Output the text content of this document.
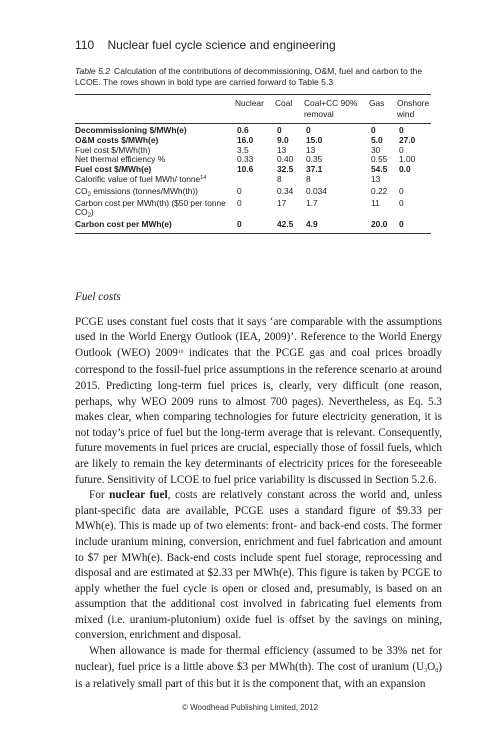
110 Nuclear fuel cycle science and engineering
Table 5.2 Calculation of the contributions of decommissioning, O&M, fuel and carbon to the LCOE. The rows shown in bold type are carried forward to Table 5.3
	Nuclear	Coal	Coal+CC 90% removal	Gas	Onshore wind
Decommissioning $/MWh(e)	0.6	0	0	0	0
O&M costs $/MWh(e)	16.0	9.0	15.0	5.0	27.0
Fuel cost $/MWh(th)	3.5	13	13	30	0
Net thermal efficiency %	0.33	0.40	0.35	0.55	1.00
Fuel cost $/MWh(e)	10.6	32.5	37.1	54.5	0.0
Calorific value of fuel MWh/ tonne$^{14}$		8	8	13	
$CO_2$ emissions (tonnes/MWh(th))	0	0.34	0.034	0.22	0
Carbon cost per MWh(th) ($50 per tonne $CO_2$)	0	17	1.7	11	0
Carbon cost per MWh(e)	0	42.5	4.9	20.0	0
Fuel costs

PCGE uses constant fuel costs that it says ‘are comparable with the assumptions used in the World Energy Outlook (IEA, 2009)’. Reference to the World Energy Outlook (WEO) 2009$^{10}$ indicates that the PCGE gas and coal prices broadly correspond to the fossil-fuel price assumptions in the reference scenario at around 2015. Predicting long-term fuel prices is, clearly, very difficult (one reason, perhaps, why WEO 2009 runs to almost 700 pages). Nevertheless, as Eq. 5.3 makes clear, when comparing technologies for future electricity generation, it is not today’s price of fuel but the long-term average that is relevant. Consequently, future movements in fuel prices are crucial, especially those of fossil fuels, which are likely to remain the key determinants of electricity prices for the foreseeable future. Sensitivity of LCOE to fuel price variability is discussed in Section 5.2.6.

For nuclear fuel, costs are relatively constant across the world and, unless plant-specific data are available, PCGE uses a standard figure of $9.33 per MWh(e). This is made up of two elements: front- and back-end costs. The former include uranium mining, conversion, enrichment and fuel fabrication and amount to $7 per MWh(e). Back-end costs include spent fuel storage, reprocessing and disposal and are estimated at $2.33 per MWh(e). This figure is taken by PCGE to apply whether the fuel cycle is open or closed and, presumably, is based on an assumption that the additional cost involved in fabricating fuel elements from mixed (i.e. uranium-plutonium) oxide fuel is offset by the savings on mining, conversion, enrichment and disposal.

When allowance is made for thermal efficiency (assumed to be 33% net for nuclear), fuel price is a little above $3 per MWh(th). The cost of uranium (U3O8) is a relatively small part of this but it is the component that, with an expansion

© Woodhead Publishing Limited, 2012
